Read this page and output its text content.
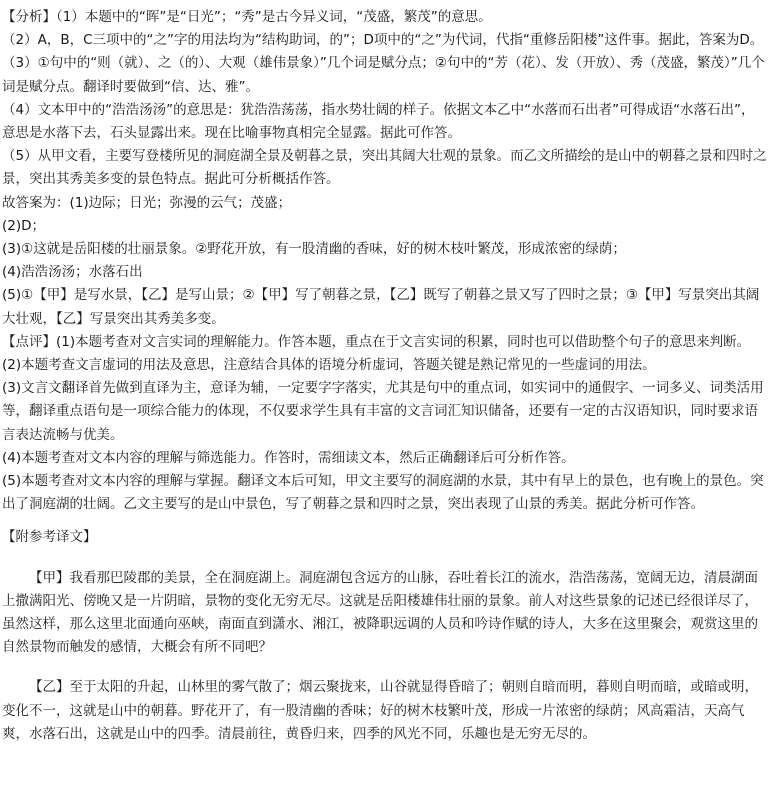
【分析】（1）本题中的“晖”是“日光”；“秀”是古今异义词，“茂盛，繁茂”的意思。

（2）A，B，C三项中的“之”字的用法均为“结构助词，的”；D项中的“之”为代词，代指“重修岳阳楼”这件事。据此，答案为D。

（3）①句中的“则（就）、之（的）、大观（雄伟景象）”几个词是赋分点；②句中的“芳（花）、发（开放）、秀（茂盛，繁茂）”几个词是赋分点。翻译时要做到“信、达、雅”。

（4）文本甲中的“浩浩汤汤”的意思是：犹浩浩荡荡，指水势壮阔的样子。依据文本乙中“水落而石出者”可得成语“水落石出”，意思是水落下去，石头显露出来。现在比喻事物真相完全显露。据此可作答。

（5）从甲文看，主要写登楼所见的洞庭湖全景及朝暮之景，突出其阔大壮观的景象。而乙文所描绘的是山中的朝暮之景和四时之景，突出其秀美多变的景色特点。据此可分析概括作答。

故答案为：(1)边际；日光；弥漫的云气；茂盛；

(2)D；

(3)①这就是岳阳楼的壮丽景象。②野花开放，有一股清幽的香味，好的树木枝叶繁茂，形成浓密的绿荫；

(4)浩浩汤汤；水落石出

(5)①【甲】是写水景，【乙】是写山景；②【甲】写了朝暮之景，【乙】既写了朝暮之景又写了四时之景；③【甲】写景突出其阔大壮观，【乙】写景突出其秀美多变。

【点评】(1)本题考查对文言实词的理解能力。作答本题，重点在于文言实词的积累，同时也可以借助整个句子的意思来判断。

(2)本题考查文言虚词的用法及意思，注意结合具体的语境分析虚词，答题关键是熟记常见的一些虚词的用法。

(3)文言文翻译首先做到直译为主，意译为辅，一定要字字落实，尤其是句中的重点词，如实词中的通假字、一词多义、词类活用等，翻译重点语句是一项综合能力的体现，不仅要求学生具有丰富的文言词汇知识储备，还要有一定的古汉语知识，同时要求语言表达流畅与优美。

(4)本题考查对文本内容的理解与筛选能力。作答时，需细读文本，然后正确翻译后可分析作答。

(5)本题考查对文本内容的理解与掌握。翻译文本后可知，甲文主要写的洞庭湖的水景，其中有早上的景色，也有晚上的景色。突出了洞庭湖的壮阔。乙文主要写的是山中景色，写了朝暮之景和四时之景，突出表现了山景的秀美。据此分析可作答。

【附参考译文】

【甲】我看那巴陵郡的美景，全在洞庭湖上。洞庭湖包含远方的山脉，吞吐着长江的流水，浩浩荡荡，宽阔无边，清晨湖面上撒满阳光、傍晚又是一片阴暗，景物的变化无穷无尽。这就是岳阳楼雄伟壮丽的景象。前人对这些景象的记述已经很详尽了，虽然这样，那么这里北面通向巫峡，南面直到潇水、湘江，被降职远调的人员和吟诗作赋的诗人，大多在这里聚会，观赏这里的自然景物而触发的感情，大概会有所不同吧？

【乙】至于太阳的升起，山林里的雾气散了；烟云聚拢来，山谷就显得昏暗了；朝则自暗而明，暮则自明而暗，或暗或明，变化不一，这就是山中的朝暮。野花开了，有一股清幽的香味；好的树木枝繁叶茂，形成一片浓密的绿荫；风高霜洁，天高气爽，水落石出，这就是山中的四季。清晨前往，黄昏归来，四季的风光不同，乐趣也是无穷无尽的。
